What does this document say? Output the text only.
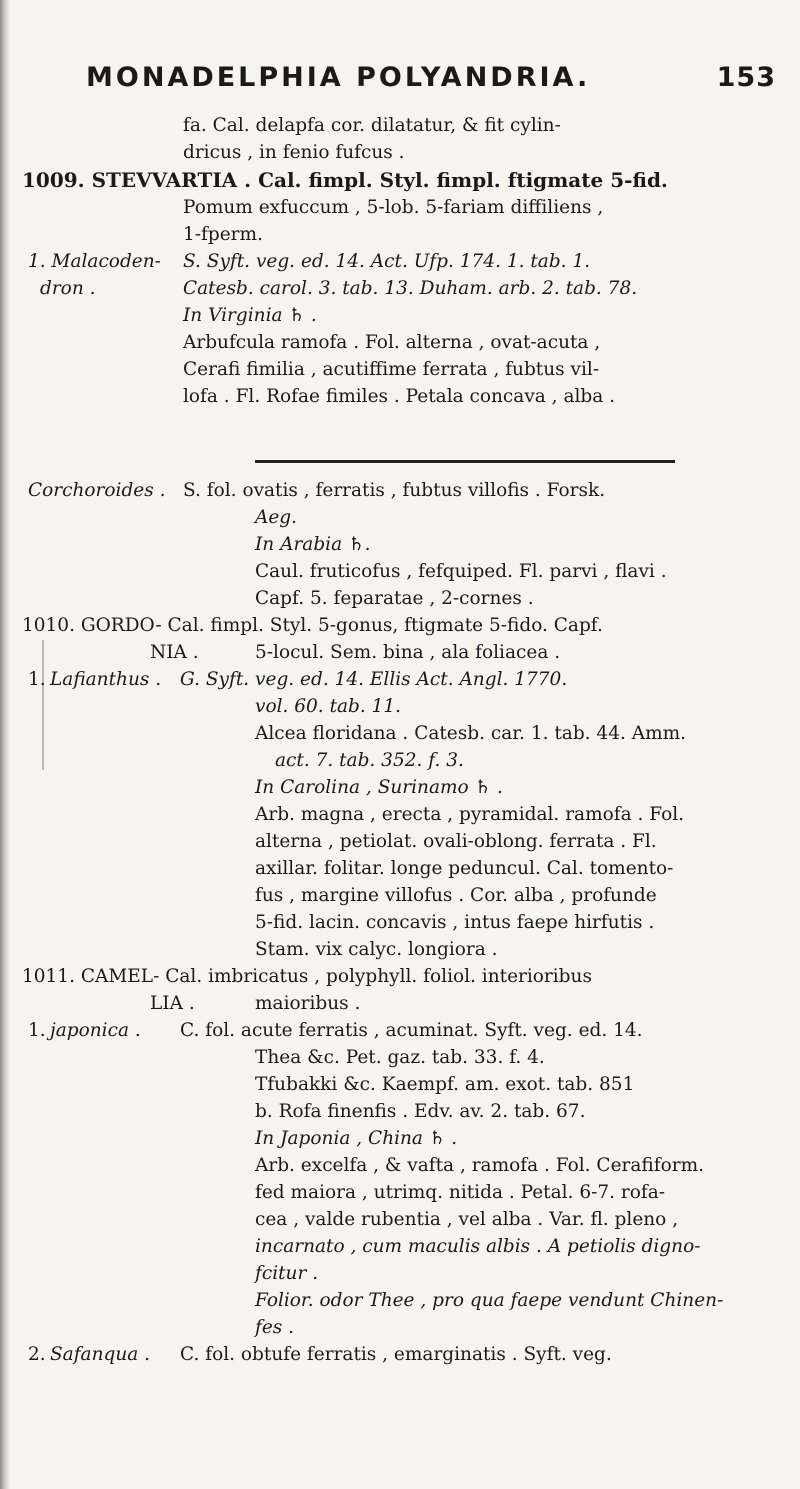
MONADELPHIA POLYANDRIA.	153
fa. Cal. delapfa cor. dilatatur, & fit cylin-
dricus , in fenio fufcus .
1009. STEVVARTIA . Cal. fimpl. Styl. fimpl. ftigmate 5-fid.
Pomum exfuccum , 5-lob. 5-fariam diffiliens ,
1-fperm.
1. Malacoden- S. Syft. veg. ed. 14. Act. Ufp. 174. 1. tab. 1.
dron .	Catesb. carol. 3. tab. 13. Duham. arb. 2. tab. 78.
In Virginia ♄ .
Arbufcula ramofa . Fol. alterna , ovat-acuta ,
Cerafi fimilia , acutiffime ferrata , fubtus vil-
lofa . Fl. Rofae fimiles . Petala concava , alba .
Corchoroides . S. fol. ovatis , ferratis , fubtus villofis . Forsk.
Aeg.
In Arabia ♄.
Caul. fruticofus , fefquiped. Fl. parvi , flavi .
Capf. 5. feparatae , 2-cornes .
1010. GORDO- Cal. fimpl. Styl. 5-gonus, ftigmate 5-fido. Capf.
NIA .	5-locul. Sem. bina , ala foliacea .
1. Lafianthus . G. Syft. veg. ed. 14. Ellis Act. Angl. 1770.
vol. 60. tab. 11.
Alcea floridana . Catesb. car. 1. tab. 44. Amm.
act. 7. tab. 352. f. 3.
In Carolina , Surinamo ♄ .
Arb. magna , erecta , pyramidal. ramofa . Fol.
alterna , petiolat. ovali-oblong. ferrata . Fl.
axillar. folitar. longe peduncul. Cal. tomento-
fus , margine villofus . Cor. alba , profunde
5-fid. lacin. concavis , intus faepe hirfutis .
Stam. vix calyc. longiora .
1011. CAMEL- Cal. imbricatus , polyphyll. foliol. interioribus
LIA .	maioribus .
1. japonica . C. fol. acute ferratis , acuminat. Syft. veg. ed. 14.
Thea &c. Pet. gaz. tab. 33. f. 4.
Tfubakki &c. Kaempf. am. exot. tab. 851
b. Rofa finenfis . Edv. av. 2. tab. 67.
In Japonia , China ♄ .
Arb. excelfa , & vafta , ramofa . Fol. Cerafiform.
fed maiora , utrimq. nitida . Petal. 6-7. rofa-
cea , valde rubentia , vel alba . Var. fl. pleno ,
incarnato , cum maculis albis . A petiolis digno-
fcitur .
Folior. odor Thee , pro qua faepe vendunt Chinen-
fes .
2. Safanqua . C. fol. obtufe ferratis , emarginatis . Syft. veg.
